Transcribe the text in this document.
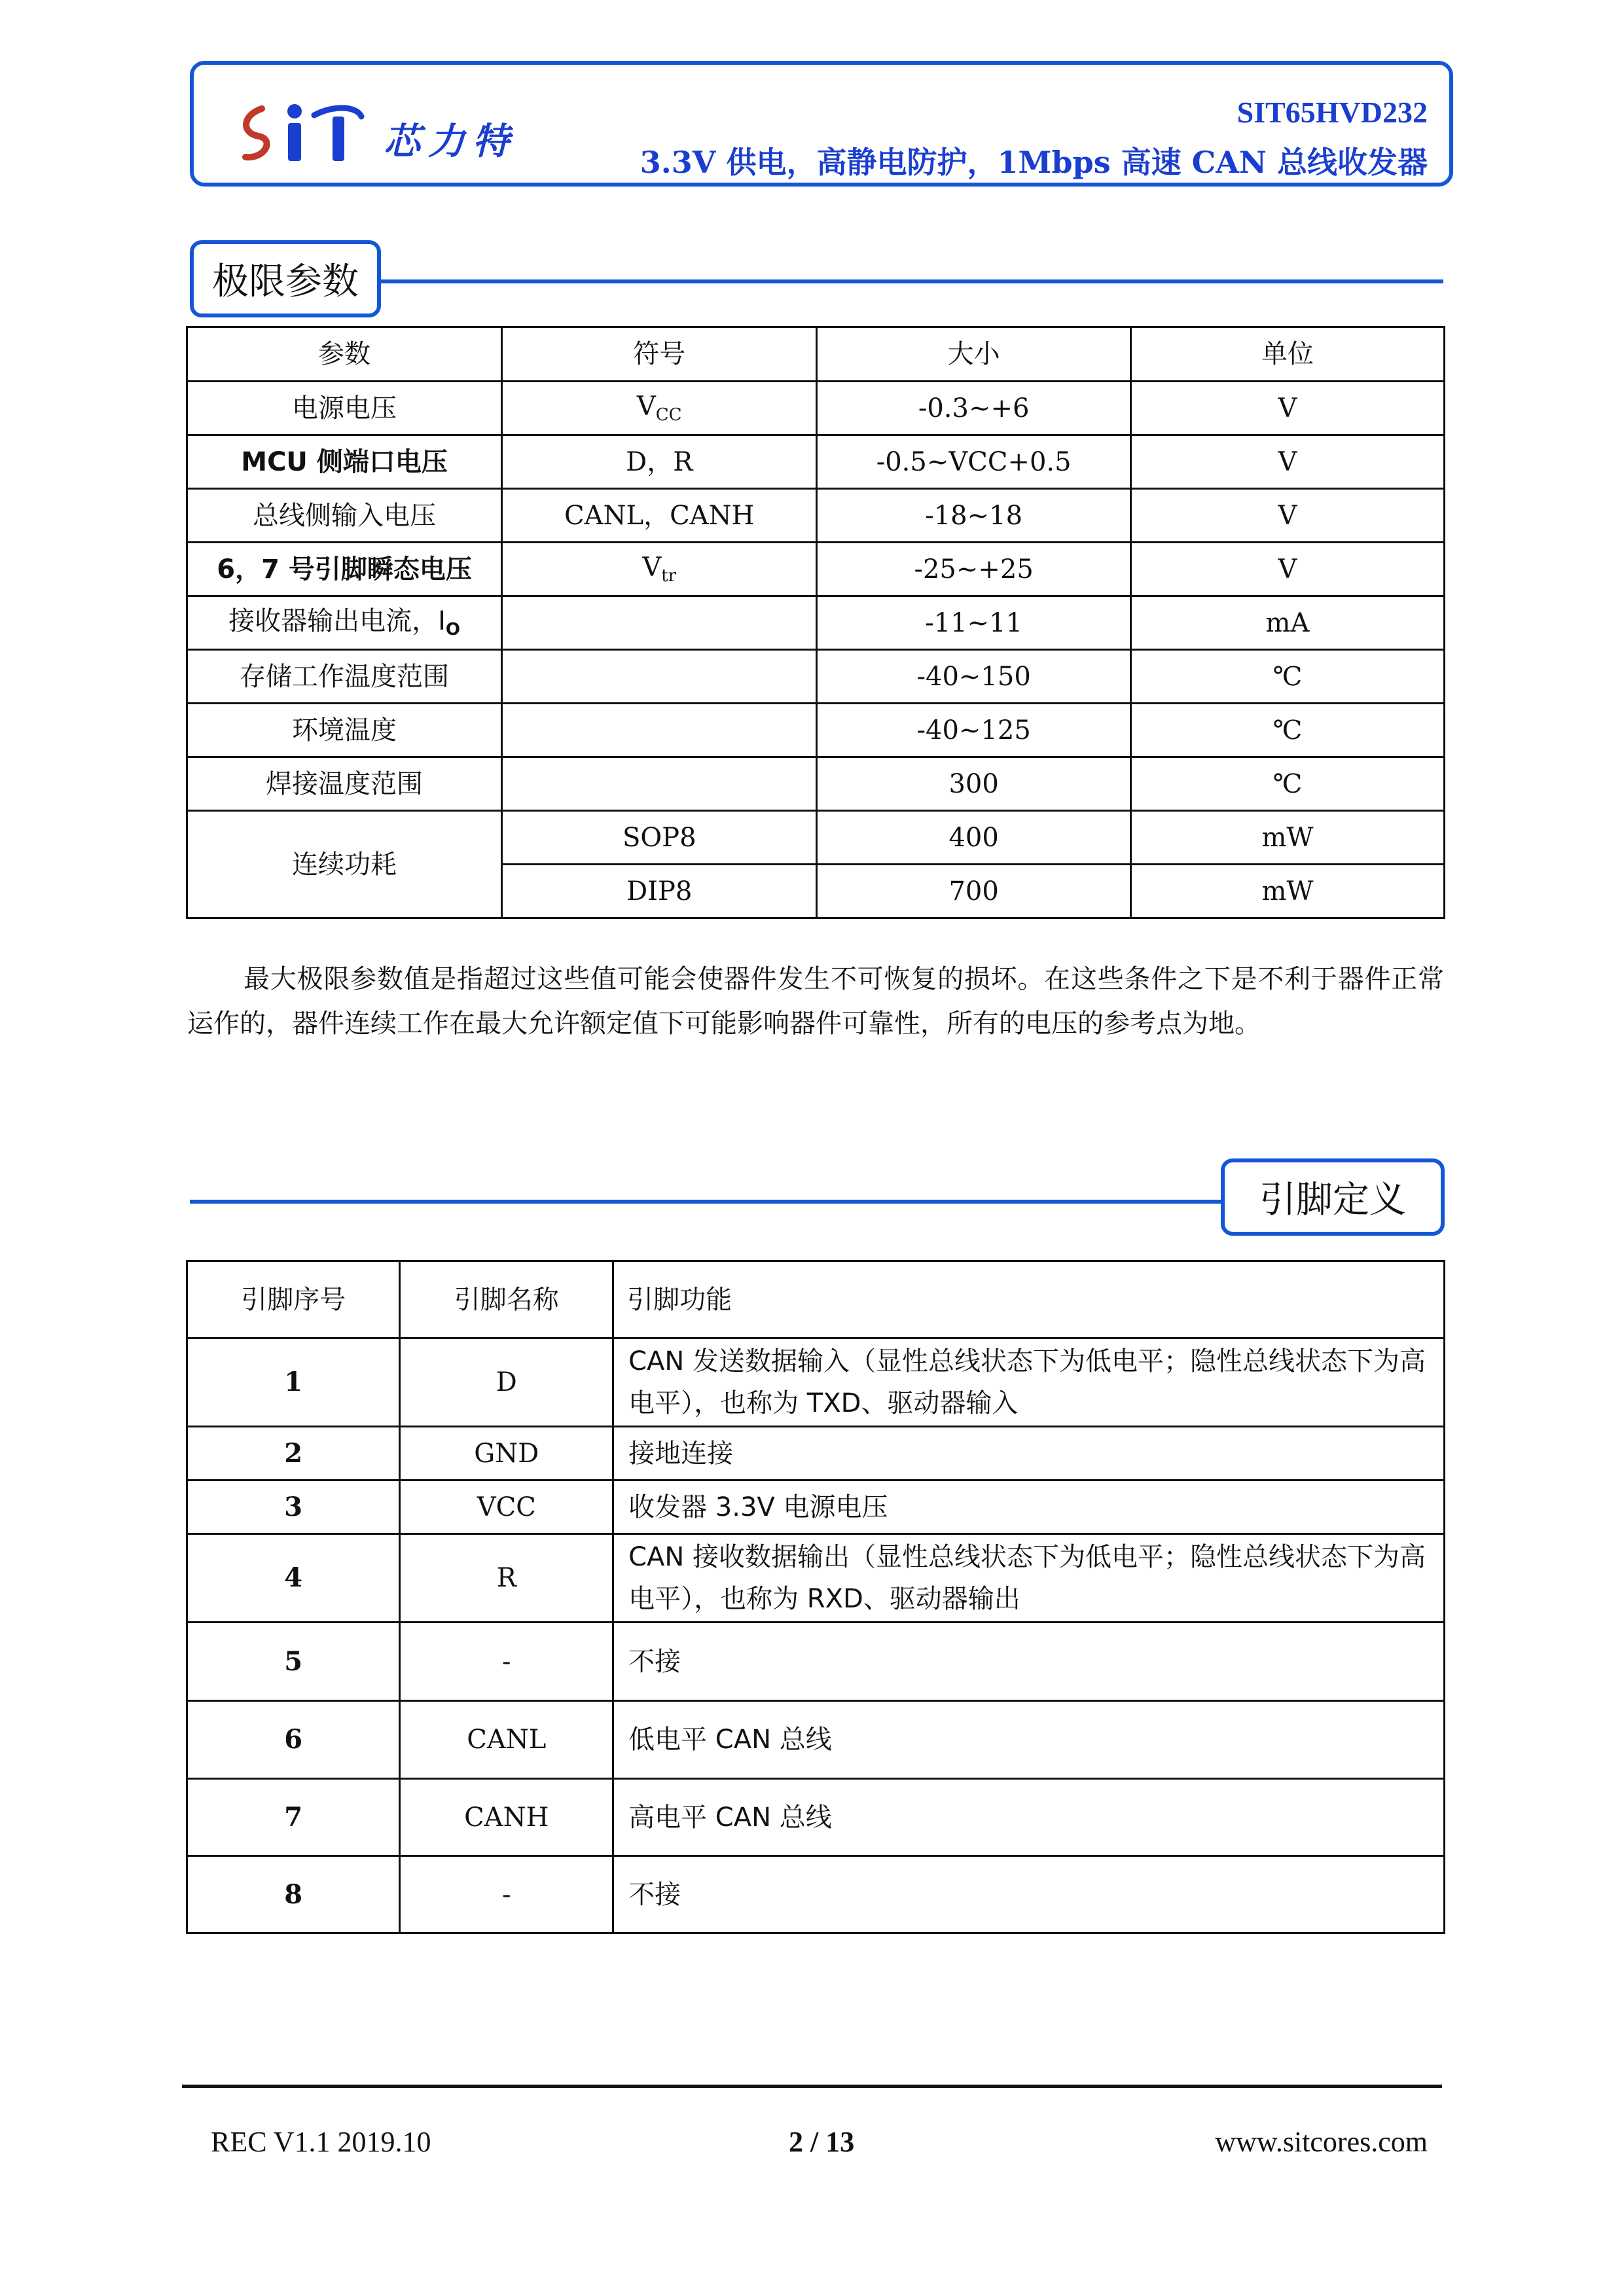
SiT
芯力特
SIT65HVD232
3.3V 供电，高静电防护，1Mbps 高速 CAN 总线收发器
极限参数
参数	符号	大小	单位
电源电压	$V_{CC}$	-0.3~+6	V
MCU 侧端口电压	D，R	-0.5~VCC+0.5	V
总线侧输入电压	CANL，CANH	-18~18	V
6，7 号引脚瞬态电压	$V_{tr}$	-25~+25	V
接收器输出电流，$I_O$		-11~11	mA
存储工作温度范围		-40~150	℃
环境温度		-40~125	℃
焊接温度范围		300	℃
连续功耗	SOP8	400	mW
	DIP8	700	mW
最大极限参数值是指超过这些值可能会使器件发生不可恢复的损坏。在这些条件之下是不利于器件正常运作的，器件连续工作在最大允许额定值下可能影响器件可靠性，所有的电压的参考点为地。
引脚定义
引脚序号	引脚名称	引脚功能
1	D	CAN 发送数据输入（显性总线状态下为低电平；隐性总线状态下为高电平），也称为 TXD、驱动器输入
2	GND	接地连接
3	VCC	收发器 3.3V 电源电压
4	R	CAN 接收数据输出（显性总线状态下为低电平；隐性总线状态下为高电平），也称为 RXD、驱动器输出
5	-	不接
6	CANL	低电平 CAN 总线
7	CANH	高电平 CAN 总线
8	-	不接
REC V1.1 2019.10	2 / 13	www.sitcores.com
